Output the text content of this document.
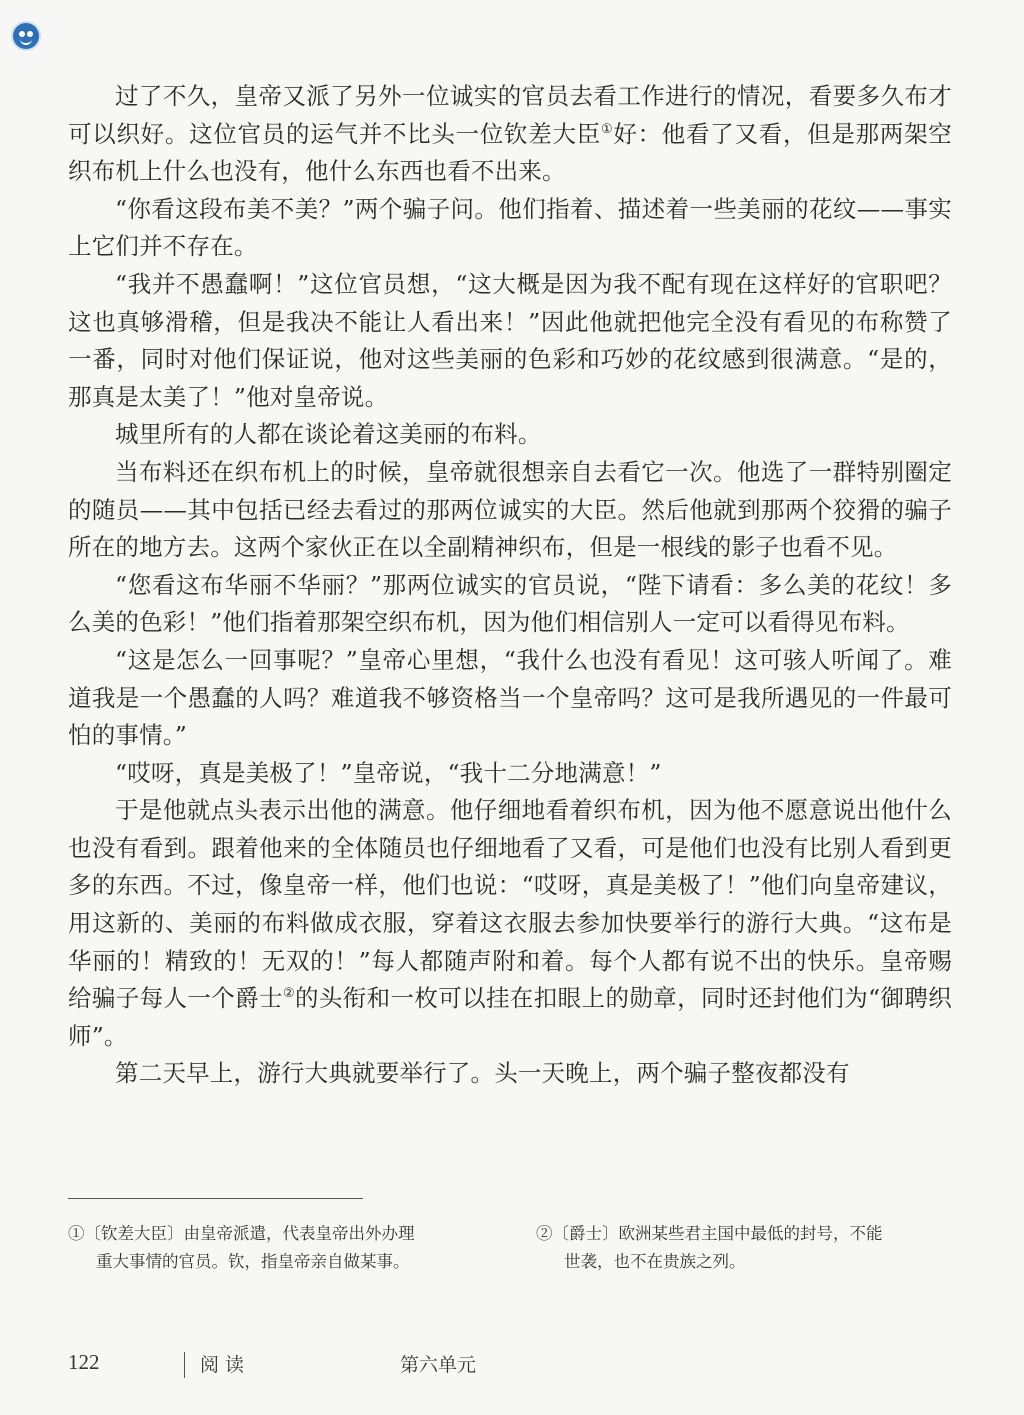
过了不久，皇帝又派了另外一位诚实的官员去看工作进行的情况，看要多久布才可以织好。这位官员的运气并不比头一位钦差大臣①好：他看了又看，但是那两架空织布机上什么也没有，他什么东西也看不出来。

“你看这段布美不美？”两个骗子问。他们指着、描述着一些美丽的花纹——事实上它们并不存在。

“我并不愚蠢啊！”这位官员想，“这大概是因为我不配有现在这样好的官职吧？这也真够滑稽，但是我决不能让人看出来！”因此他就把他完全没有看见的布称赞了一番，同时对他们保证说，他对这些美丽的色彩和巧妙的花纹感到很满意。“是的，那真是太美了！”他对皇帝说。

城里所有的人都在谈论着这美丽的布料。

当布料还在织布机上的时候，皇帝就很想亲自去看它一次。他选了一群特别圈定的随员——其中包括已经去看过的那两位诚实的大臣。然后他就到那两个狡猾的骗子所在的地方去。这两个家伙正在以全副精神织布，但是一根线的影子也看不见。

“您看这布华丽不华丽？”那两位诚实的官员说，“陛下请看：多么美的花纹！多么美的色彩！”他们指着那架空织布机，因为他们相信别人一定可以看得见布料。

“这是怎么一回事呢？”皇帝心里想，“我什么也没有看见！这可骇人听闻了。难道我是一个愚蠢的人吗？难道我不够资格当一个皇帝吗？这可是我所遇见的一件最可怕的事情。”

“哎呀，真是美极了！”皇帝说，“我十二分地满意！”

于是他就点头表示出他的满意。他仔细地看着织布机，因为他不愿意说出他什么也没有看到。跟着他来的全体随员也仔细地看了又看，可是他们也没有比别人看到更多的东西。不过，像皇帝一样，他们也说：“哎呀，真是美极了！”他们向皇帝建议，用这新的、美丽的布料做成衣服，穿着这衣服去参加快要举行的游行大典。“这布是华丽的！精致的！无双的！”每人都随声附和着。每个人都有说不出的快乐。皇帝赐给骗子每人一个爵士②的头衔和一枚可以挂在扣眼上的勋章，同时还封他们为“御聘织师”。

第二天早上，游行大典就要举行了。头一天晚上，两个骗子整夜都没有

①〔钦差大臣〕由皇帝派遣，代表皇帝出外办理
重大事情的官员。钦，指皇帝亲自做某事。
②〔爵士〕欧洲某些君主国中最低的封号，不能
世袭，也不在贵族之列。
122	阅读	第六单元
